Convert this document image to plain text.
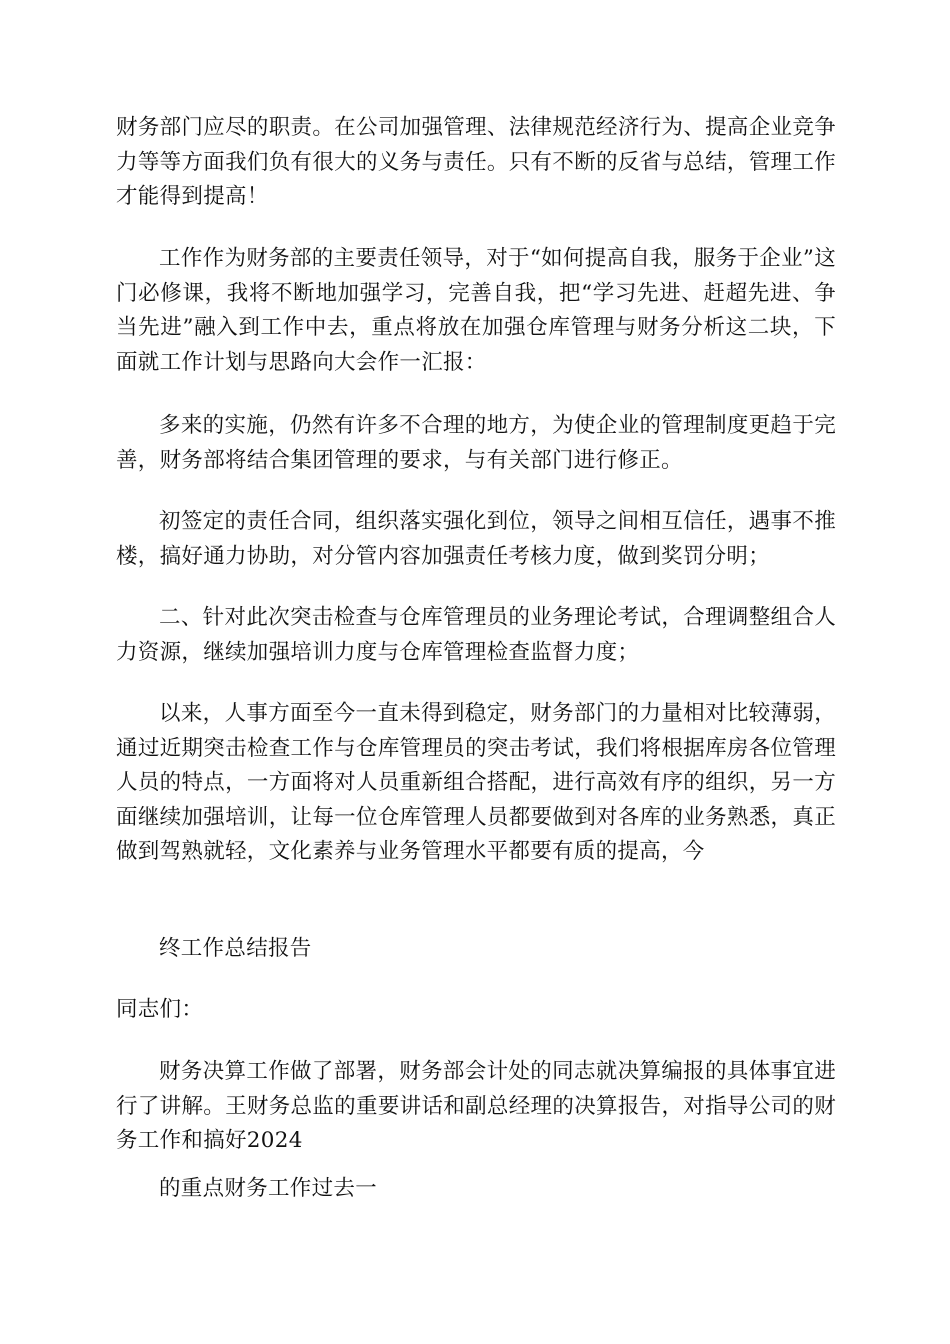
财务部门应尽的职责。在公司加强管理、法律规范经济行为、提高企业竞争力等等方面我们负有很大的义务与责任。只有不断的反省与总结，管理工作才能得到提高！

工作作为财务部的主要责任领导，对于“如何提高自我，服务于企业”这门必修课，我将不断地加强学习，完善自我，把“学习先进、赶超先进、争当先进”融入到工作中去，重点将放在加强仓库管理与财务分析这二块，下面就工作计划与思路向大会作一汇报：

多来的实施，仍然有许多不合理的地方，为使企业的管理制度更趋于完善，财务部将结合集团管理的要求，与有关部门进行修正。

初签定的责任合同，组织落实强化到位，领导之间相互信任，遇事不推楼，搞好通力协助，对分管内容加强责任考核力度，做到奖罚分明；

二、针对此次突击检查与仓库管理员的业务理论考试，合理调整组合人力资源，继续加强培训力度与仓库管理检查监督力度；

以来，人事方面至今一直未得到稳定，财务部门的力量相对比较薄弱，通过近期突击检查工作与仓库管理员的突击考试，我们将根据库房各位管理人员的特点，一方面将对人员重新组合搭配，进行高效有序的组织，另一方面继续加强培训，让每一位仓库管理人员都要做到对各库的业务熟悉，真正做到驾熟就轻，文化素养与业务管理水平都要有质的提高，今

终工作总结报告

同志们：

财务决算工作做了部署，财务部会计处的同志就决算编报的具体事宜进行了讲解。王财务总监的重要讲话和副总经理的决算报告，对指导公司的财务工作和搞好2024

的重点财务工作过去一
